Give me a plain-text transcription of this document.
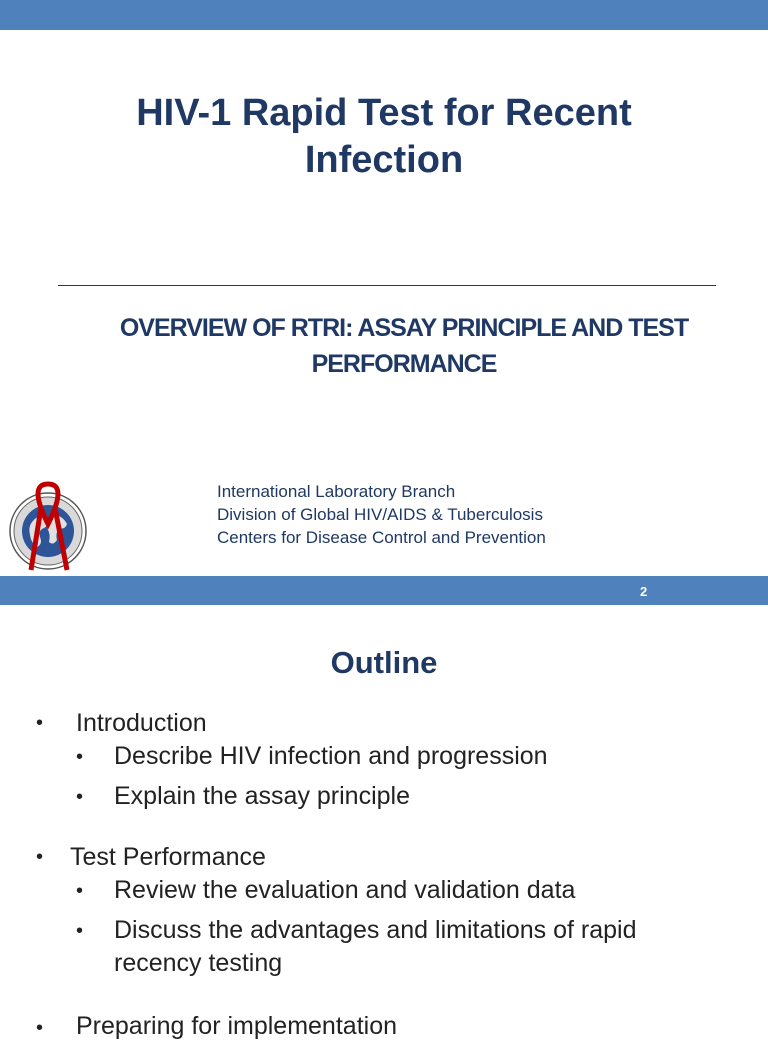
HIV-1 Rapid Test for Recent Infection
OVERVIEW OF RTRI: ASSAY PRINCIPLE AND TEST PERFORMANCE
International Laboratory Branch
Division of Global HIV/AIDS & Tuberculosis
Centers for Disease Control and Prevention
2
Outline
• Introduction
• Describe HIV infection and progression
• Explain the assay principle
• Test Performance
• Review the evaluation and validation data
• Discuss the advantages and limitations of rapid recency testing
• Preparing for implementation
